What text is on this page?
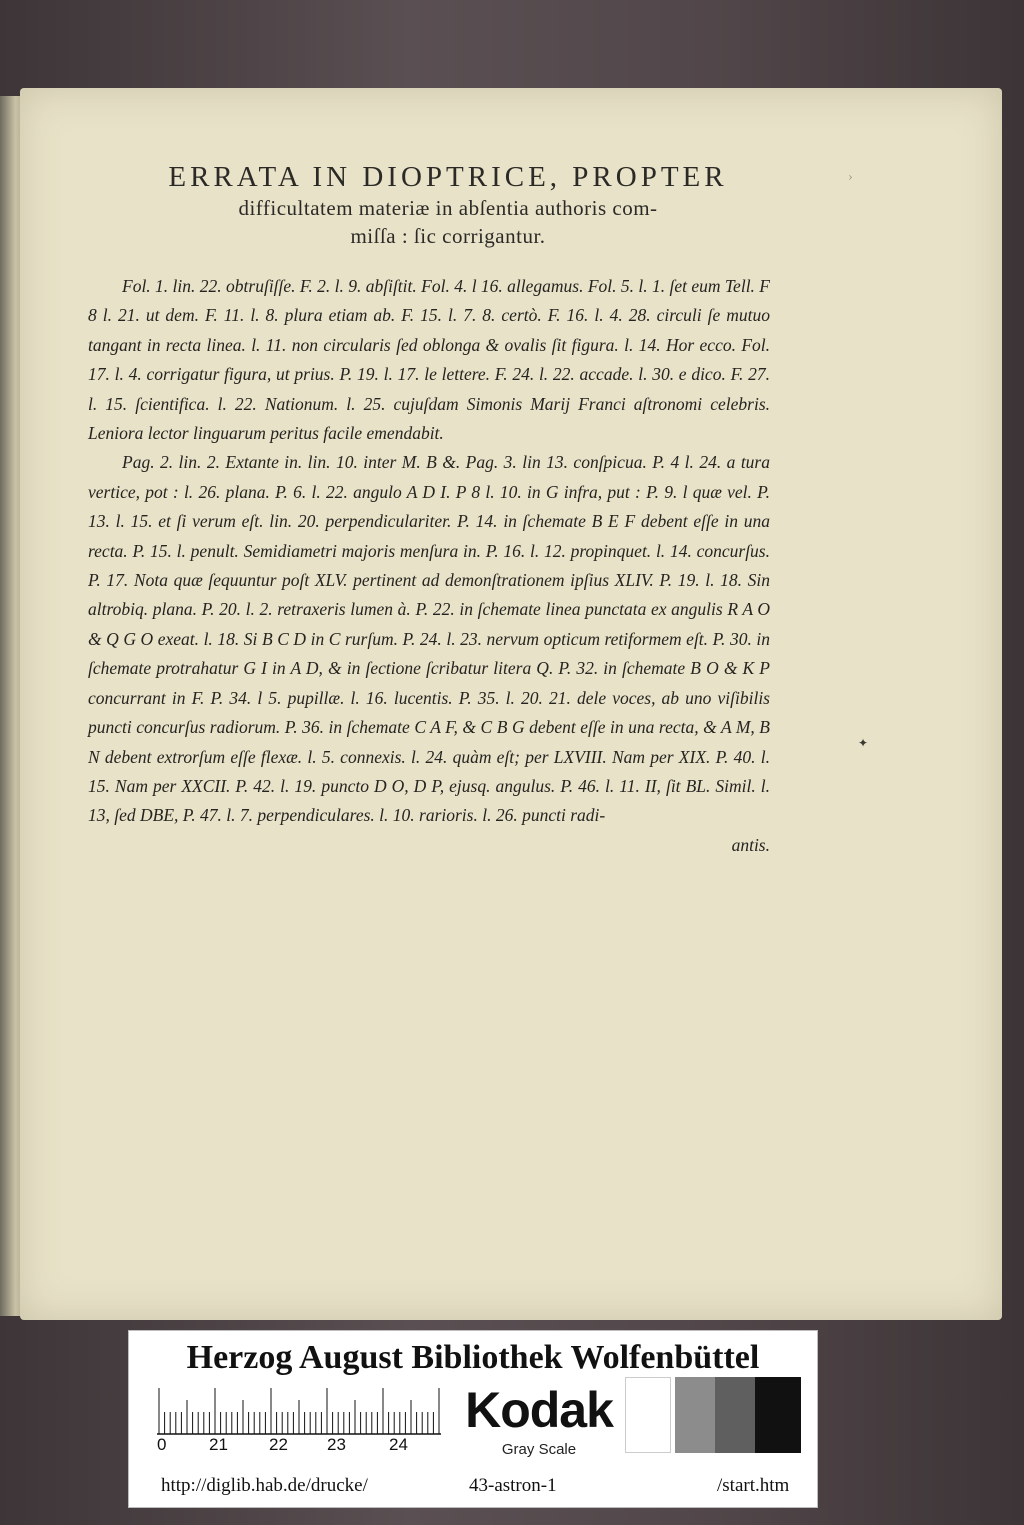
ERRATA IN DIOPTRICE, PROPTER
difficultatem materiæ in abſentia authoris com-
miſſa : ſic corrigantur.

Fol. 1. lin. 22. obtruſiſſe. F. 2. l. 9. abſiſtit. Fol. 4. l 16. allegamus. Fol. 5. l. 1. ſet eum Tell. F 8 l. 21. ut dem. F. 11. l. 8. plura etiam ab. F. 15. l. 7. 8. certò. F. 16. l. 4. 28. circuli ſe mutuo tangant in recta linea. l. 11. non circularis ſed oblonga & ovalis ſit figura. l. 14. Hor ecco. Fol. 17. l. 4. corrigatur figura, ut prius. P. 19. l. 17. le lettere. F. 24. l. 22. accade. l. 30. e dico. F. 27. l. 15. ſcientifica. l. 22. Nationum. l. 25. cujuſdam Simonis Marij Franci aſtronomi celebris. Leniora lector linguarum peritus facile emendabit.

Pag. 2. lin. 2. Extante in. lin. 10. inter M. B &. Pag. 3. lin 13. conſpicua. P. 4 l. 24. a tura vertice, pot : l. 26. plana. P. 6. l. 22. angulo A D I. P 8 l. 10. in G infra, put : P. 9. l quæ vel. P. 13. l. 15. et ſi verum eſt. lin. 20. perpendiculariter. P. 14. in ſchemate B E F debent eſſe in una recta. P. 15. l. penult. Semidiametri majoris menſura in. P. 16. l. 12. propinquet. l. 14. concurſus. P. 17. Nota quæ ſequuntur poſt XLV. pertinent ad demonſtrationem ipſius XLIV. P. 19. l. 18. Sin altrobiq. plana. P. 20. l. 2. retraxeris lumen à. P. 22. in ſchemate linea punctata ex angulis R A O & Q G O exeat. l. 18. Si B C D in C rurſum. P. 24. l. 23. nervum opticum retiformem eſt. P. 30. in ſchemate protrahatur G I in A D, & in ſectione ſcribatur litera Q. P. 32. in ſchemate B O & K P concurrant in F. P. 34. l 5. pupillæ. l. 16. lucentis. P. 35. l. 20. 21. dele voces, ab uno viſibilis puncti concurſus radiorum. P. 36. in ſchemate C A F, & C B G debent eſſe in una recta, & A M, B N debent extrorſum eſſe flexæ. l. 5. connexis. l. 24. quàm eſt; per LXVIII. Nam per XIX. P. 40. l. 15. Nam per XXCII. P. 42. l. 19. puncto D O, D P, ejusq. angulus. P. 46. l. 11. II, ſit BL. Simil. l. 13, ſed DBE, P. 47. l. 7. perpendiculares. l. 10. rarioris. l. 26. puncti radi-

antis.

✦
›
Herzog August Bibliothek Wolfenbüttel
0	21 22 23	24
Kodak
Gray Scale
http://diglib.hab.de/drucke/	43-astron-1	/start.htm
